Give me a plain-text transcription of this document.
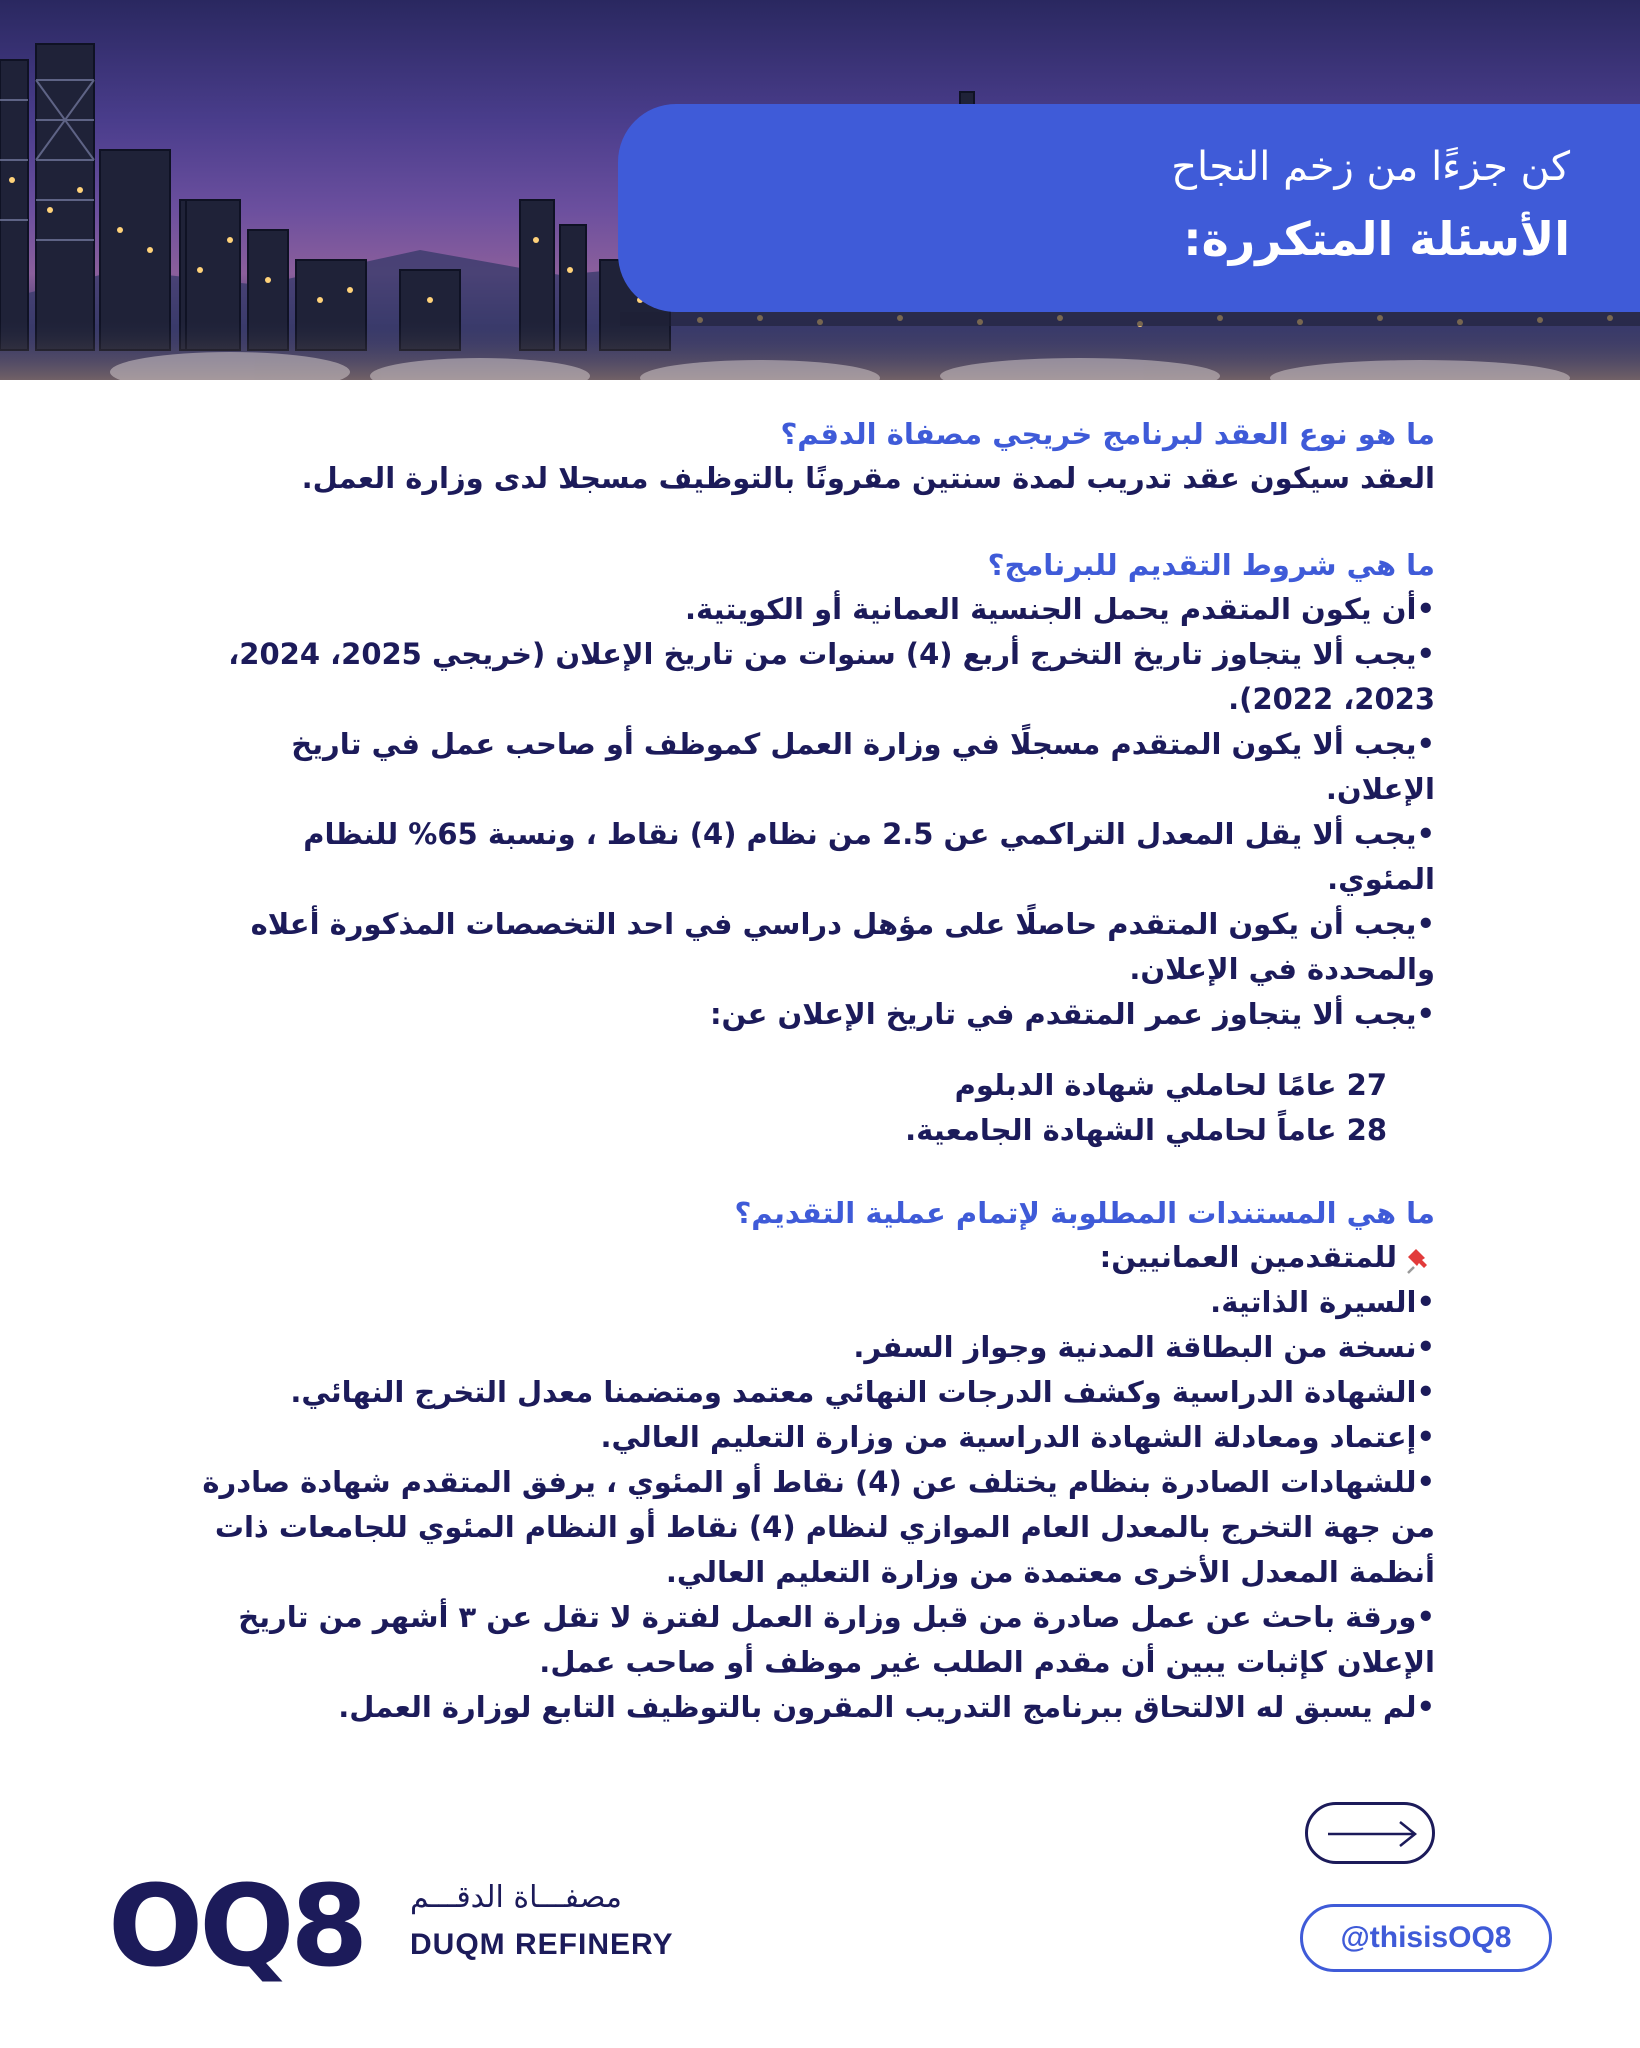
كن جزءًا من زخم النجاح
الأسئلة المتكررة:

ما هو نوع العقد لبرنامج خريجي مصفاة الدقم؟

العقد سيكون عقد تدريب لمدة سنتين مقرونًا بالتوظيف مسجلا لدى وزارة العمل.

ما هي شروط التقديم للبرنامج؟

•أن يكون المتقدم يحمل الجنسية العمانية أو الكويتية.

•يجب ألا يتجاوز تاريخ التخرج أربع (4) سنوات من تاريخ الإعلان (خريجي 2025، 2024، 2023، 2022).

•يجب ألا يكون المتقدم مسجلًا في وزارة العمل كموظف أو صاحب عمل في تاريخ الإعلان.

•يجب ألا يقل المعدل التراكمي عن 2.5 من نظام (4) نقاط ، ونسبة 65% للنظام المئوي.

•يجب أن يكون المتقدم حاصلًا على مؤهل دراسي في احد التخصصات المذكورة أعلاه والمحددة في الإعلان.

•يجب ألا يتجاوز عمر المتقدم في تاريخ الإعلان عن:

27 عامًا لحاملي شهادة الدبلوم

28 عاماً لحاملي الشهادة الجامعية.

ما هي المستندات المطلوبة لإتمام عملية التقديم؟

للمتقدمين العمانيين:

•السيرة الذاتية.

•نسخة من البطاقة المدنية وجواز السفر.

•الشهادة الدراسية وكشف الدرجات النهائي معتمد ومتضمنا معدل التخرج النهائي.

•إعتماد ومعادلة الشهادة الدراسية من وزارة التعليم العالي.

•للشهادات الصادرة بنظام يختلف عن (4) نقاط أو المئوي ، يرفق المتقدم شهادة صادرة من جهة التخرج بالمعدل العام الموازي لنظام (4) نقاط أو النظام المئوي للجامعات ذات أنظمة المعدل الأخرى معتمدة من وزارة التعليم العالي.

•ورقة باحث عن عمل صادرة من قبل وزارة العمل لفترة لا تقل عن ٣ أشهر من تاريخ الإعلان كإثبات يبين أن مقدم الطلب غير موظف أو صاحب عمل.

•لم يسبق له الالتحاق ببرنامج التدريب المقرون بالتوظيف التابع لوزارة العمل.

OQ8 مصفـــاة الدقـــم
DUQM REFINERY	@thisisOQ8
